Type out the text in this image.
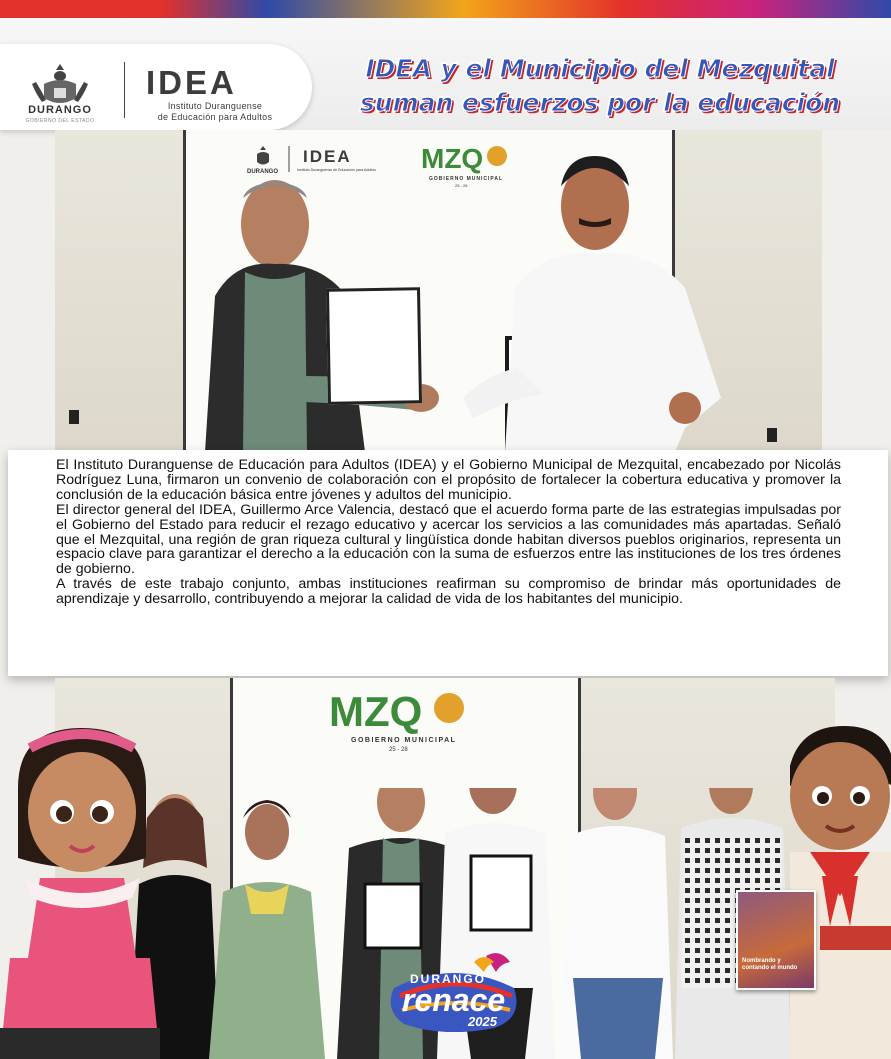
DURANGO
GOBIERNO DEL ESTADO
IDEA
Instituto Duranguense
de Educación para Adultos
IDEA y el Municipio del Mezquital
suman esfuerzos por la educación
IDEA
DURANGO	Instituto Duranguense de Educación para Adultos MZQ
GOBIERNO MUNICIPAL
25 - 28

El Instituto Duranguense de Educación para Adultos (IDEA) y el Gobierno Municipal de Mezquital, encabezado por Nicolás Rodríguez Luna, firmaron un convenio de colaboración con el propósito de fortalecer la cobertura educativa y promover la conclusión de la educación básica entre jóvenes y adultos del municipio.

El director general del IDEA, Guillermo Arce Valencia, destacó que el acuerdo forma parte de las estrategias impulsadas por el Gobierno del Estado para reducir el rezago educativo y acercar los servicios a las comunidades más apartadas. Señaló que el Mezquital, una región de gran riqueza cultural y lingüística donde habitan diversos pueblos originarios, representa un espacio clave para garantizar el derecho a la educación con la suma de esfuerzos entre las instituciones de los tres órdenes de gobierno.

A través de este trabajo conjunto, ambas instituciones reafirman su compromiso de brindar más oportunidades de aprendizaje y desarrollo, contribuyendo a mejorar la calidad de vida de los habitantes del municipio.

MZQ
GOBIERNO MUNICIPAL
25 - 28
Nombrando y contando el mundo
DURANGO
renace
2025
